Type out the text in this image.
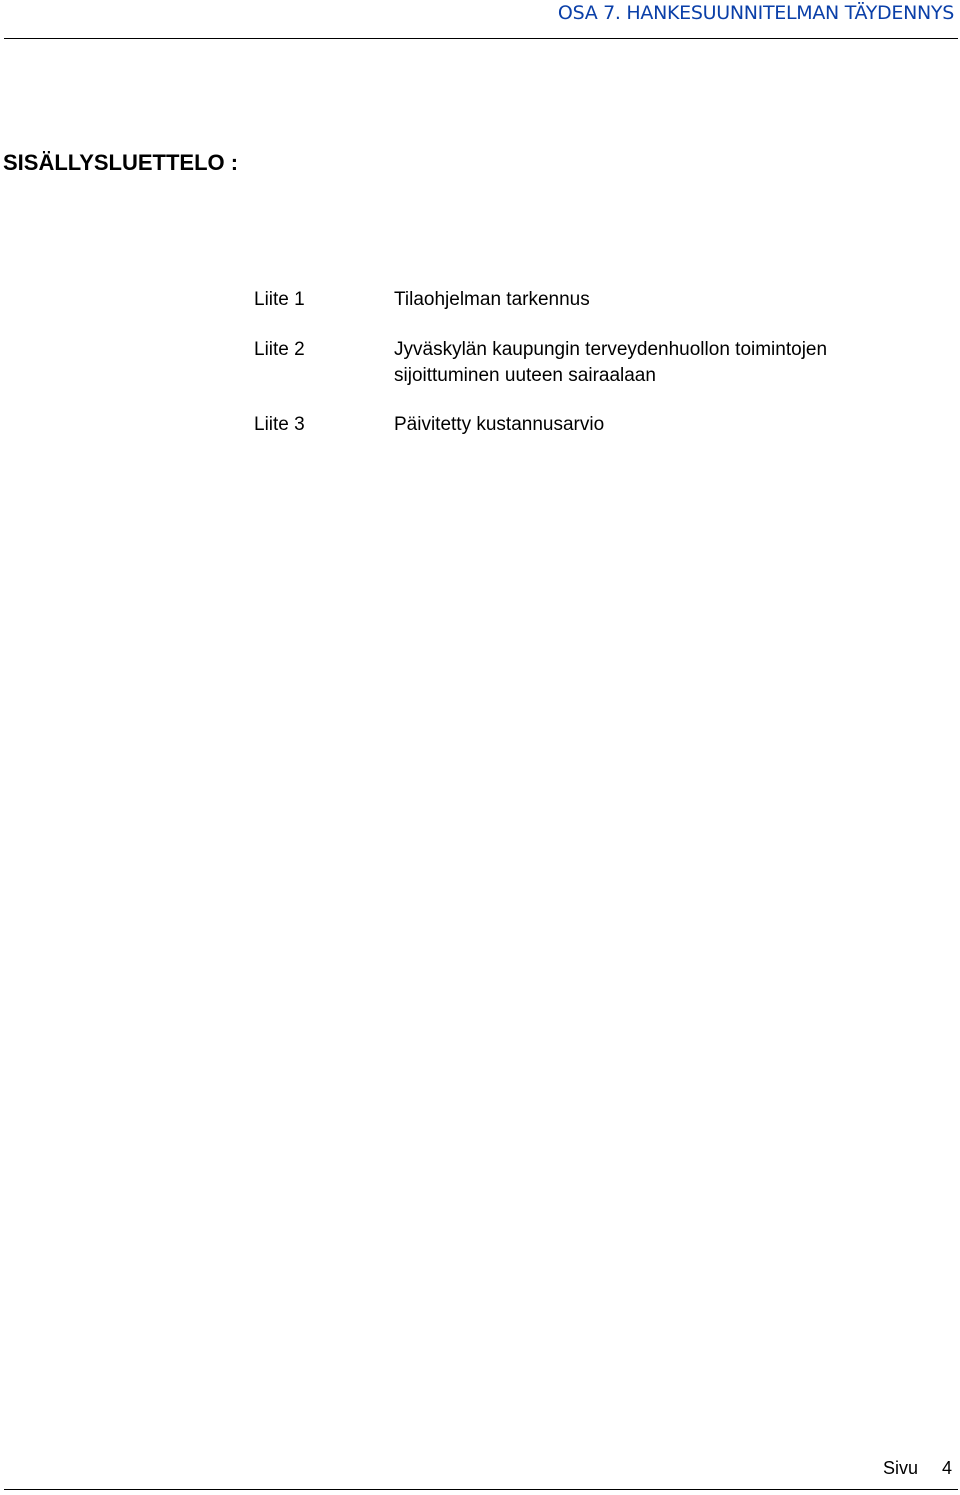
OSA 7. HANKESUUNNITELMAN TÄYDENNYS
SISÄLLYSLUETTELO :
Liite 1	Tilaohjelman tarkennus
Liite 2	Jyväskylän kaupungin terveydenhuollon toimintojen sijoittuminen uuteen sairaalaan
Liite 3	Päivitetty kustannusarvio
Sivu 4
